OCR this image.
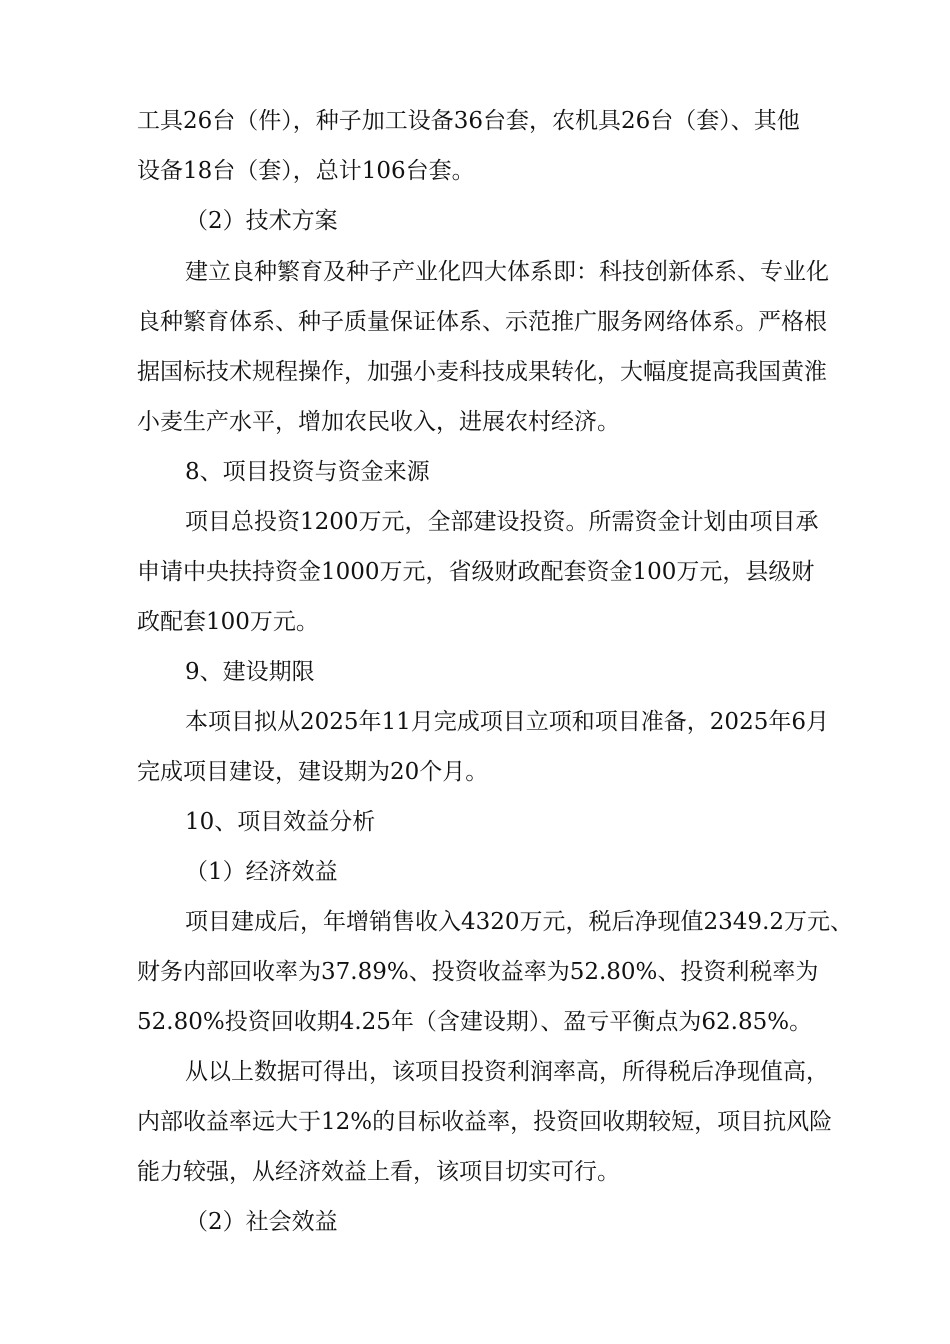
工具26台（件），种子加工设备36台套，农机具26台（套）、其他
设备18台（套），总计106台套。
（2）技术方案
建立良种繁育及种子产业化四大体系即：科技创新体系、专业化
良种繁育体系、种子质量保证体系、示范推广服务网络体系。严格根
据国标技术规程操作，加强小麦科技成果转化，大幅度提高我国黄淮
小麦生产水平，增加农民收入，进展农村经济。
8、项目投资与资金来源
项目总投资1200万元，全部建设投资。所需资金计划由项目承
申请中央扶持资金1000万元，省级财政配套资金100万元，县级财
政配套100万元。
9、建设期限
本项目拟从2025年11月完成项目立项和项目准备，2025年6月
完成项目建设，建设期为20个月。
10、项目效益分析
（1）经济效益
项目建成后，年增销售收入4320万元，税后净现值2349.2万元、
财务内部回收率为37.89%、投资收益率为52.80%、投资利税率为
52.80%投资回收期4.25年（含建设期）、盈亏平衡点为62.85%。
从以上数据可得出，该项目投资利润率高，所得税后净现值高，
内部收益率远大于12%的目标收益率，投资回收期较短，项目抗风险
能力较强，从经济效益上看，该项目切实可行。
（2）社会效益
